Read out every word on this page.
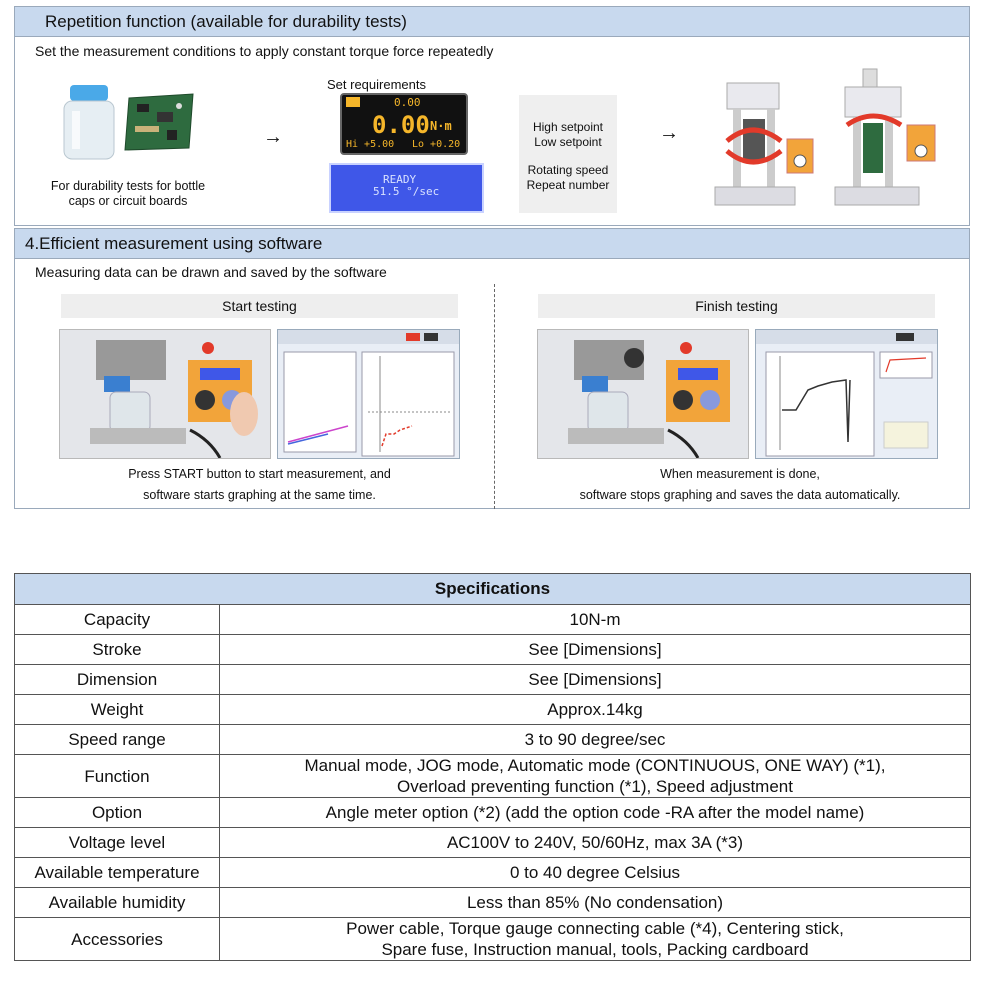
Repetition function (available for durability tests)
Set the measurement conditions to apply constant torque force repeatedly
For durability tests for bottle
caps or circuit boards
→
Set requirements
0.00
0.00 N·m
Hi +5.00 Lo +0.20
READY
51.5 °/sec
High setpoint
Low setpoint
Rotating speed
Repeat number
→
4.Efficient measurement using software
Measuring data can be drawn and saved by the software
Start testing
Press START button to start measurement, and
software starts graphing at the same time.
Finish testing
When measurement is done,
software stops graphing and saves the data automatically.
Specifications	
Capacity	10N-m
Stroke	See [Dimensions]
Dimension	See [Dimensions]
Weight	Approx.14kg
Speed range	3 to 90 degree/sec
Function	Manual mode, JOG mode, Automatic mode (CONTINUOUS, ONE WAY) (*1),
Overload preventing function (*1), Speed adjustment

Option	Angle meter option (*2) (add the option code -RA after the model name)
Voltage level	AC100V to 240V, 50/60Hz, max 3A (*3)
Available temperature	0 to 40 degree Celsius
Available humidity	Less than 85% (No condensation)
Accessories	Power cable, Torque gauge connecting cable (*4), Centering stick,
Spare fuse, Instruction manual, tools, Packing cardboard
